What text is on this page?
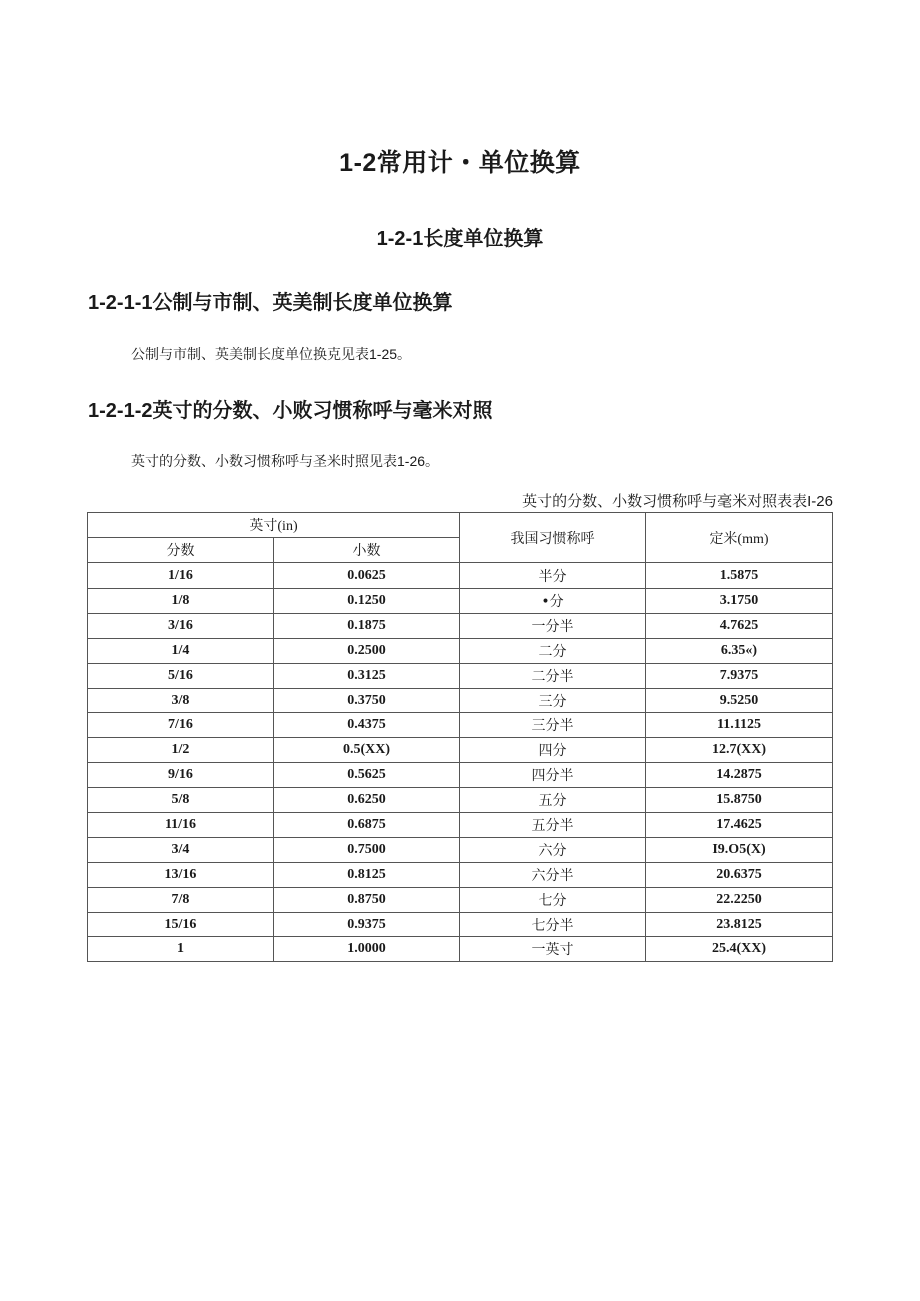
1-2常用计・单位换算
1-2-1长度单位换算
1-2-1-1公制与市制、英美制长度单位换算
公制与市制、英美制长度单位换克见表1-25。
1-2-1-2英寸的分数、小败习惯称呼与毫米对照
英寸的分数、小数习惯称呼与圣米时照见表1-26。
英寸的分数、小数习惯称呼与毫米对照表表I-26
英寸(in)		我国习惯称呼	定米(mm)
分数	小数		
1/16	0.0625	半分	1.5875
1/8	0.1250	•分	3.1750
3/16	0.1875	一分半	4.7625
1/4	0.2500	二分	6.35«)
5/16	0.3125	二分半	7.9375
3/8	0.3750	三分	9.5250
7/16	0.4375	三分半	11.1125
1/2	0.5(XX)	四分	12.7(XX)
9/16	0.5625	四分半	14.2875
5/8	0.6250	五分	15.8750
11/16	0.6875	五分半	17.4625
3/4	0.7500	六分	I9.O5(X)
13/16	0.8125	六分半	20.6375
7/8	0.8750	七分	22.2250
15/16	0.9375	七分半	23.8125
1	1.0000	一英寸	25.4(XX)
